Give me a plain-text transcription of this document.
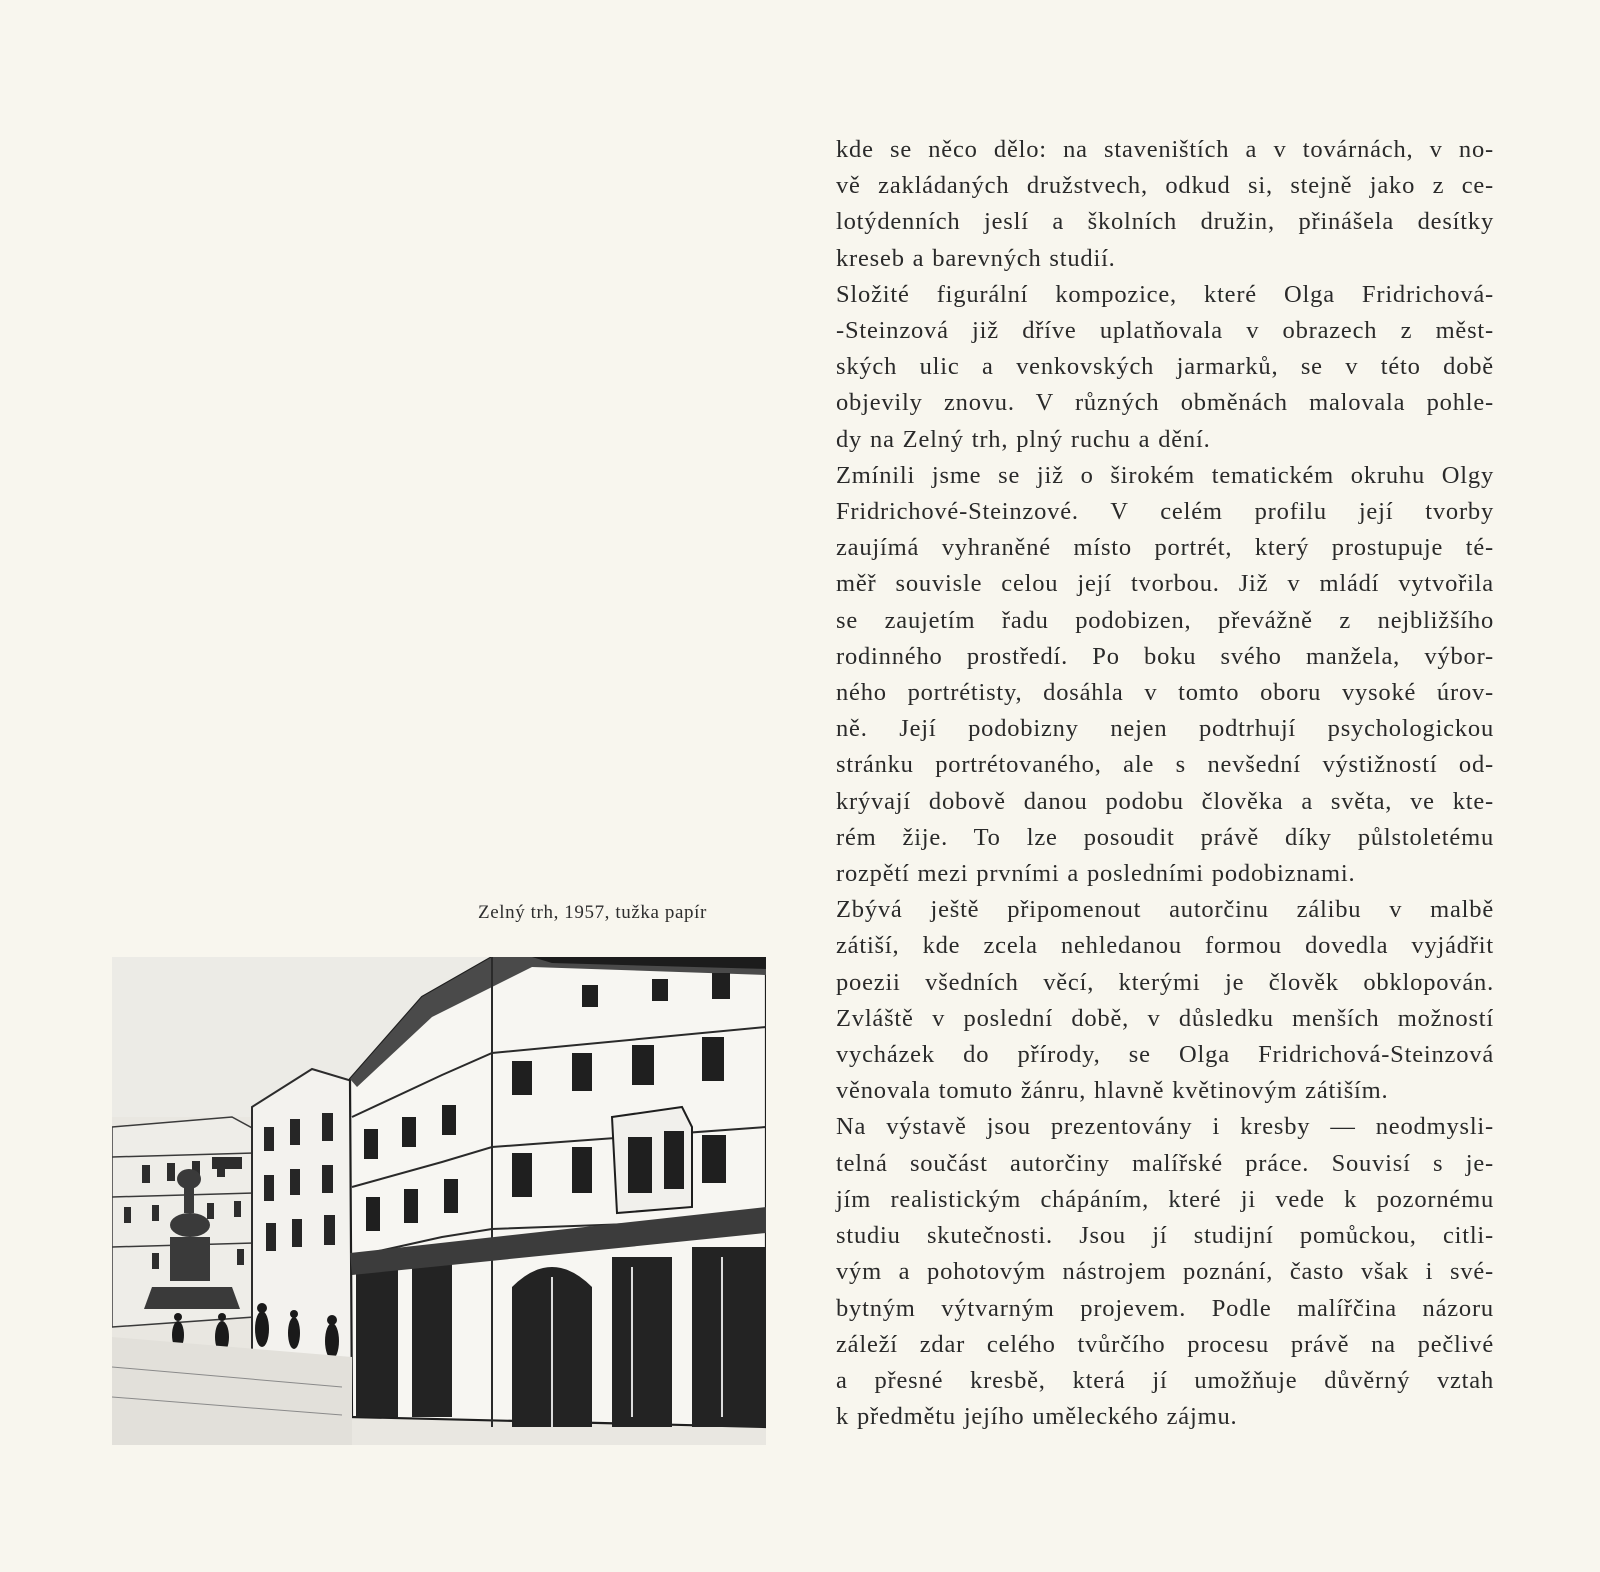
Zelný trh, 1957, tužka papír

kde se něco dělo: na staveništích a v továrnách, v no-
vě zakládaných družstvech, odkud si, stejně jako z ce-
lotýdenních jeslí a školních družin, přinášela desítky
kreseb a barevných studií.

Složité figurální kompozice, které Olga Fridrichová-
-Steinzová již dříve uplatňovala v obrazech z měst-
ských ulic a venkovských jarmarků, se v této době
objevily znovu. V různých obměnách malovala pohle-
dy na Zelný trh, plný ruchu a dění.

Zmínili jsme se již o širokém tematickém okruhu Olgy
Fridrichové-Steinzové. V celém profilu její tvorby
zaujímá vyhraněné místo portrét, který prostupuje té-
měř souvisle celou její tvorbou. Již v mládí vytvořila
se zaujetím řadu podobizen, převážně z nejbližšího
rodinného prostředí. Po boku svého manžela, výbor-
ného portrétisty, dosáhla v tomto oboru vysoké úrov-
ně. Její podobizny nejen podtrhují psychologickou
stránku portrétovaného, ale s nevšední výstižností od-
krývají dobově danou podobu člověka a světa, ve kte-
rém žije. To lze posoudit právě díky půlstoletému
rozpětí mezi prvními a posledními podobiznami.

Zbývá ještě připomenout autorčinu zálibu v malbě
zátiší, kde zcela nehledanou formou dovedla vyjádřit
poezii všedních věcí, kterými je člověk obklopován.
Zvláště v poslední době, v důsledku menších možností
vycházek do přírody, se Olga Fridrichová-Steinzová
věnovala tomuto žánru, hlavně květinovým zátiším.

Na výstavě jsou prezentovány i kresby — neodmysli-
telná součást autorčiny malířské práce. Souvisí s je-
jím realistickým chápáním, které ji vede k pozornému
studiu skutečnosti. Jsou jí studijní pomůckou, citli-
vým a pohotovým nástrojem poznání, často však i své-
bytným výtvarným projevem. Podle malířčina názoru
záleží zdar celého tvůrčího procesu právě na pečlivé
a přesné kresbě, která jí umožňuje důvěrný vztah
k předmětu jejího uměleckého zájmu.
